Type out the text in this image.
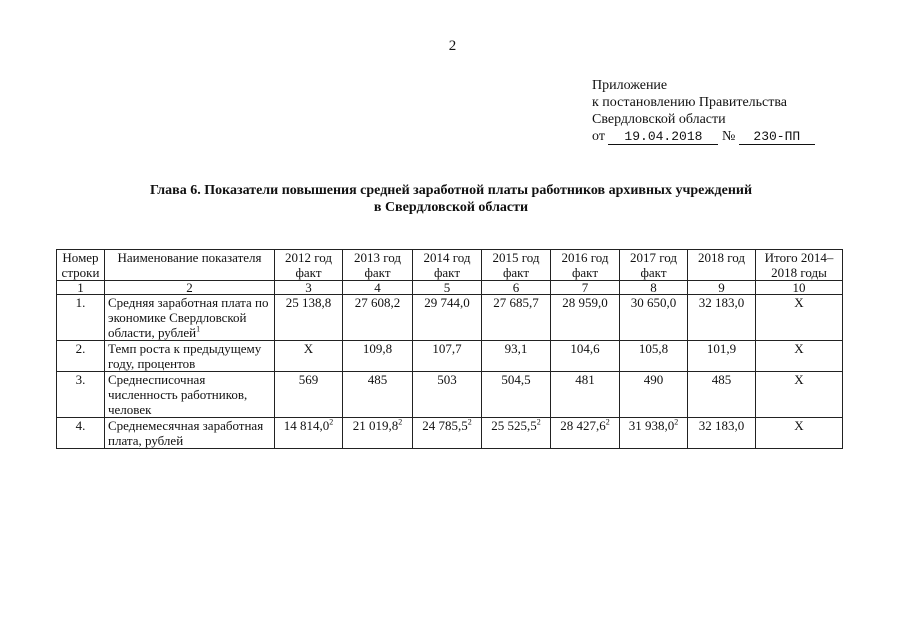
2
Приложение
к постановлению Правительства
Свердловской области
от 19.04.2018 № 230-ПП
Глава 6. Показатели повышения средней заработной платы работников архивных учреждений
в Свердловской области
Номер строки	Наименование показателя	2012 год факт	2013 год факт	2014 год факт	2015 год факт	2016 год факт	2017 год факт	2018 год	Итого 2014–2018 годы
1	2	3	4	5	6	7	8	9	10
1.	Средняя заработная плата по экономике Свердловской области, рублей$^1$	25 138,8	27 608,2	29 744,0	27 685,7	28 959,0	30 650,0	32 183,0	X
2.	Темп роста к предыдущему году, процентов	X	109,8	107,7	93,1	104,6	105,8	101,9	X
3.	Среднесписочная численность работников, человек	569	485	503	504,5	481	490	485	X
4.	Среднемесячная заработная плата, рублей	14 814,0$^2$	21 019,8$^2$	24 785,5$^2$	25 525,5$^2$	28 427,6$^2$	31 938,0$^2$	32 183,0	X
